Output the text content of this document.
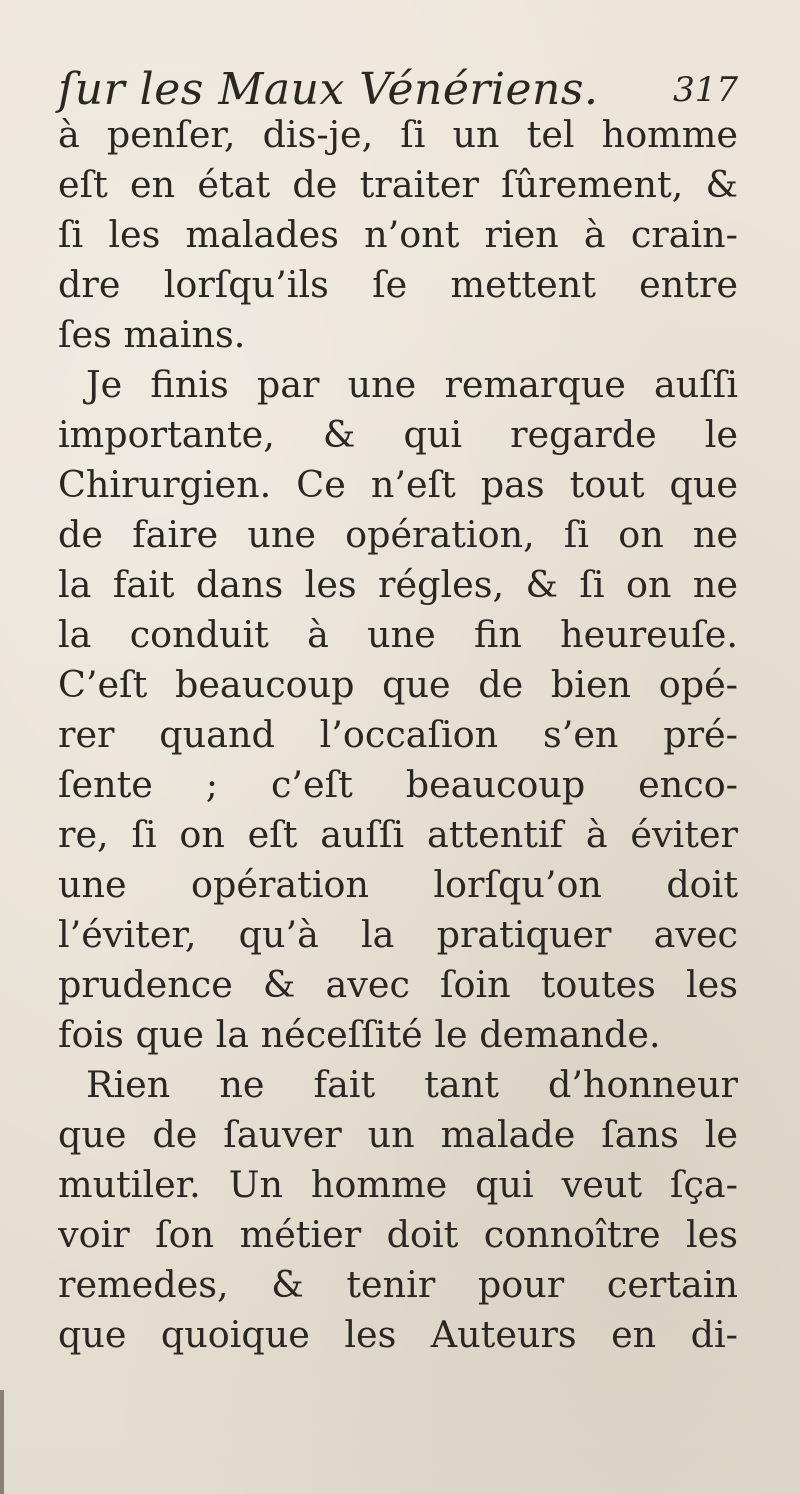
ſur les Maux Vénériens. 317
à penſer, dis-je, ſi un tel homme
eſt en état de traiter ſûrement, &
ſi les malades n’ont rien à crain-
dre lorſqu’ils ſe mettent entre
ſes mains.
Je finis par une remarque auſſi
importante, & qui regarde le
Chirurgien. Ce n’eſt pas tout que
de faire une opération, ſi on ne
la fait dans les régles, & ſi on ne
la conduit à une fin heureuſe.
C’eſt beaucoup que de bien opé-
rer quand l’occaſion s’en pré-
ſente ; c’eſt beaucoup enco-
re, ſi on eſt auſſi attentif à éviter
une opération lorſqu’on doit
l’éviter, qu’à la pratiquer avec
prudence & avec ſoin toutes les
fois que la néceſſité le demande.
Rien ne fait tant d’honneur
que de ſauver un malade ſans le
mutiler. Un homme qui veut ſça-
voir ſon métier doit connoître les
remedes, & tenir pour certain
que quoique les Auteurs en di-
